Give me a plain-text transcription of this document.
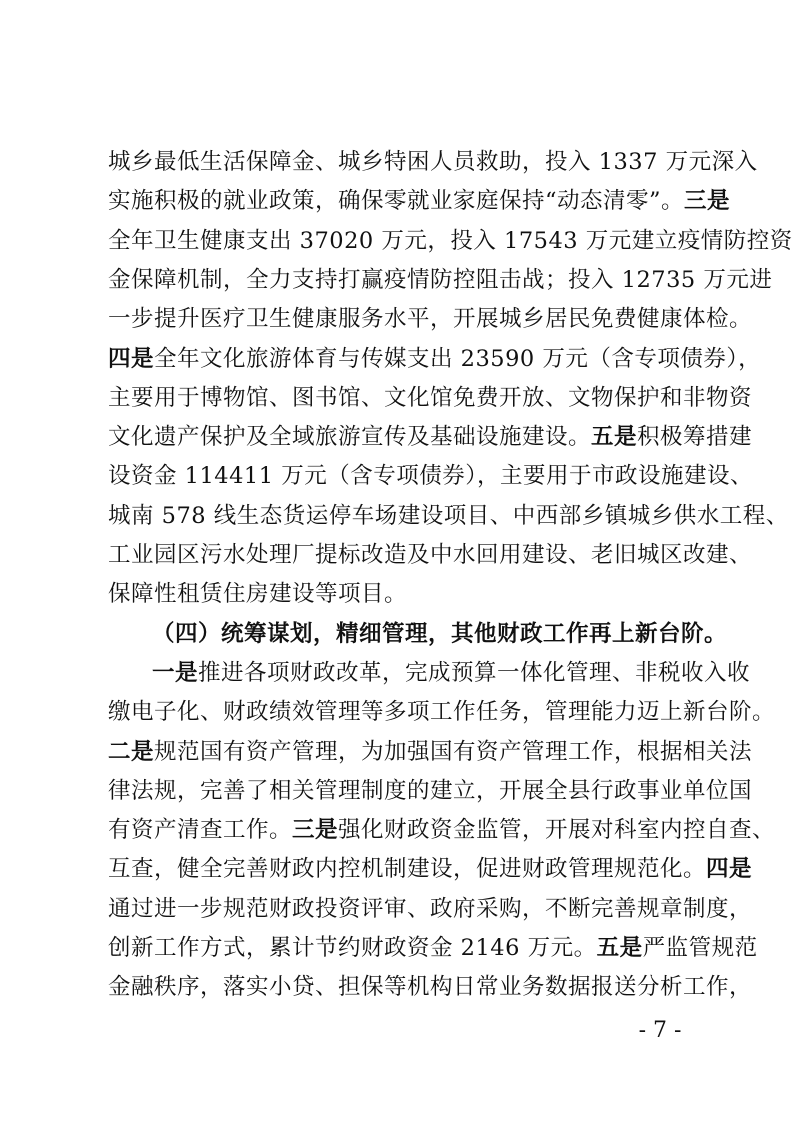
城乡最低生活保障金、城乡特困人员救助，投入 1337 万元深入
实施积极的就业政策，确保零就业家庭保持“动态清零”。三是
全年卫生健康支出 37020 万元，投入 17543 万元建立疫情防控资
金保障机制，全力支持打赢疫情防控阻击战；投入 12735 万元进
一步提升医疗卫生健康服务水平，开展城乡居民免费健康体检。
四是全年文化旅游体育与传媒支出 23590 万元（含专项债券），
主要用于博物馆、图书馆、文化馆免费开放、文物保护和非物资
文化遗产保护及全域旅游宣传及基础设施建设。五是积极筹措建
设资金 114411 万元（含专项债券），主要用于市政设施建设、
城南 578 线生态货运停车场建设项目、中西部乡镇城乡供水工程、
工业园区污水处理厂提标改造及中水回用建设、老旧城区改建、
保障性租赁住房建设等项目。
（四）统筹谋划，精细管理，其他财政工作再上新台阶。
一是推进各项财政改革，完成预算一体化管理、非税收入收
缴电子化、财政绩效管理等多项工作任务，管理能力迈上新台阶。
二是规范国有资产管理，为加强国有资产管理工作，根据相关法
律法规，完善了相关管理制度的建立，开展全县行政事业单位国
有资产清查工作。三是强化财政资金监管，开展对科室内控自查、
互查，健全完善财政内控机制建设，促进财政管理规范化。四是
通过进一步规范财政投资评审、政府采购，不断完善规章制度，
创新工作方式，累计节约财政资金 2146 万元。五是严监管规范
金融秩序，落实小贷、担保等机构日常业务数据报送分析工作，
- 7 -
